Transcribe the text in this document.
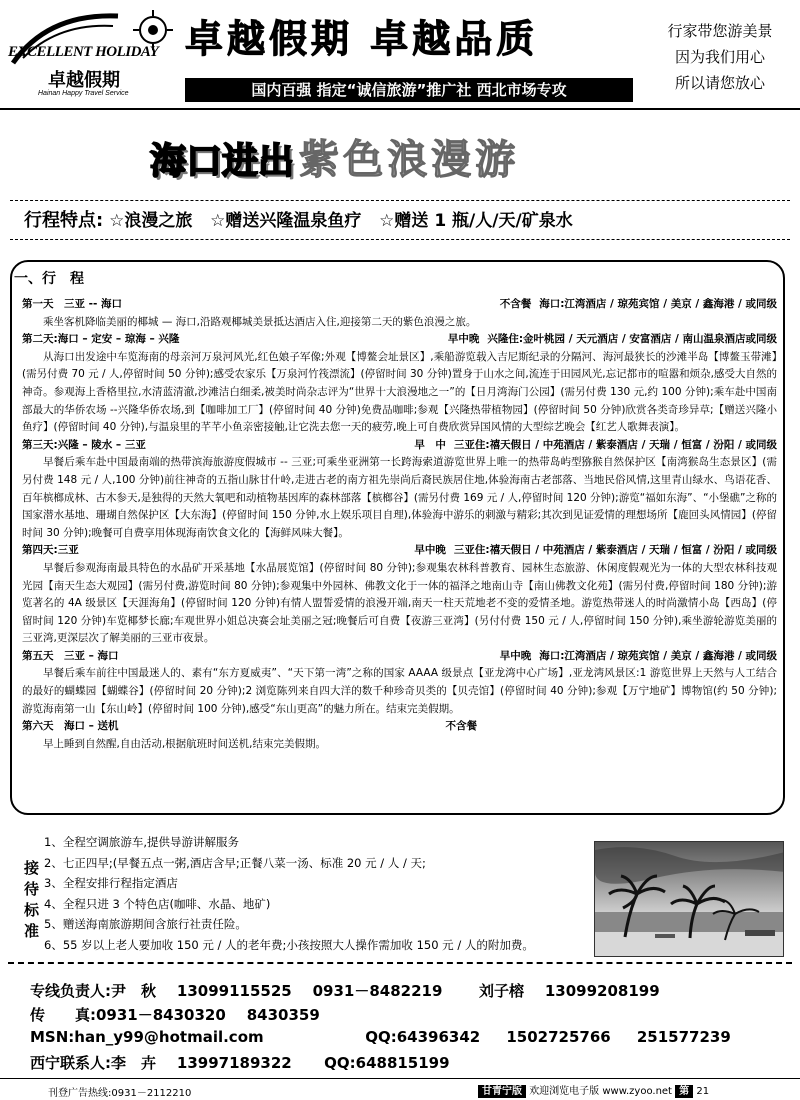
EXCELLENT HOLIDAY
卓越假期
Hainan Happy Travel Service
卓越假期 卓越品质
国内百强 指定“诚信旅游”推广社 西北市场专攻
行家带您游美景
因为我们用心
所以请您放心
海口进出 紫色浪漫游
行程特点: ☆浪漫之旅 ☆赠送兴隆温泉鱼疗 ☆赠送 1 瓶/人/天/矿泉水
一、行　程
第一天　三亚 -- 海口	不含餐 海口:江湾酒店 / 琼苑宾馆 / 美京 / 鑫海港 / 或同级
乘坐客机降临美丽的椰城 — 海口,沿路观椰城美景抵达酒店入住,迎接第二天的紫色浪漫之旅。
第二天:海口 – 定安 – 琼海 – 兴隆	早中晚 兴隆住:金叶桃园 / 天元酒店 / 安富酒店 / 南山温泉酒店或同级
从海口出发途中车览海南的母亲河万泉河风光,红色娘子军像;外观【博鳌会址景区】,乘船游览载入吉尼斯纪录的分隔河、海河最狭长的沙滩半岛【博鳌玉带滩】(需另付费 70 元 / 人,停留时间 50 分钟);感受农家乐【万泉河竹筏漂流】(停留时间 30 分钟)置身于山水之间,流连于田园风光,忘记都市的喧嚣和烦杂,感受大自然的神奇。参观海上香格里拉,水清蓝清澈,沙滩洁白细柔,被美时尚杂志评为“世界十大浪漫地之一”的【日月湾海门公园】(需另付费 130 元,约 100 分钟);乘车赴中国南部最大的华侨农场 --兴隆华侨农场,到【咖啡加工厂】(停留时间 40 分钟)免费品咖啡;参观【兴隆热带植物园】(停留时间 50 分钟)欣赏各类奇珍异草;【赠送兴隆小鱼疗】(停留时间 40 分钟),与温泉里的芊芊小鱼亲密接触,让它洗去您一天的疲劳,晚上可自费欣赏异国风情的大型综艺晚会【红艺人歌舞表演】。
第三天:兴隆 – 陵水 – 三亚	早　中 三亚住:禧天假日 / 中苑酒店 / 紫泰酒店 / 天瑞 / 恒富 / 汾阳 / 或同级
早餐后乘车赴中国最南端的热带滨海旅游度假城市 -- 三亚;可乘坐亚洲第一长跨海索道游览世界上唯一的热带岛屿型猕猴自然保护区【南湾猴岛生态景区】(需另付费 148 元 / 人,100 分钟)前往神奇的五指山脉甘什岭,走进古老的南方祖先崇尚后裔民族居住地,体验海南古老部落、当地民俗风情,这里青山绿水、鸟语花香、百年槟榔成林、古木参天,是独得的天然大氧吧和动植物基因库的森林部落【槟榔谷】(需另付费 169 元 / 人,停留时间 120 分钟);游览“福如东海”、“小堡礁”之称的国家潜水基地、珊瑚自然保护区【大东海】(停留时间 150 分钟,水上娱乐项目自理),体验海中游乐的刺激与精彩;其次到见证爱情的理想场所【鹿回头风情园】(停留时间 30 分钟);晚餐可自费享用体现海南饮食文化的【海鲜风味大餐】。
第四天:三亚	早中晚 三亚住:禧天假日 / 中苑酒店 / 紫泰酒店 / 天瑞 / 恒富 / 汾阳 / 或同级
早餐后参观海南最具特色的水晶矿开采基地【水晶展览馆】(停留时间 80 分钟);参观集农林科普教育、园林生态旅游、休闲度假观光为一体的大型农林科技观光园【南天生态大观园】(需另付费,游览时间 80 分钟);参观集中外园林、佛教文化于一体的福泽之地南山寺【南山佛教文化苑】(需另付费,停留时间 180 分钟);游览著名的 4A 级景区【天涯海角】(停留时间 120 分钟)有情人盟誓爱情的浪漫开端,南天一柱天荒地老不变的爱情圣地。游览热带迷人的时尚激情小岛【西岛】(停留时间 120 分钟)车览椰梦长廊;车观世界小姐总决赛会址美丽之冠;晚餐后可自费【夜游三亚湾】(另付付费 150 元 / 人,停留时间 150 分钟),乘坐游轮游览美丽的三亚湾,更深层次了解美丽的三亚市夜景。
第五天　三亚 – 海口	早中晚 海口:江湾酒店 / 琼苑宾馆 / 美京 / 鑫海港 / 或同级
早餐后乘车前往中国最迷人的、素有“东方夏威夷”、“天下第一湾”之称的国家 AAAA 级景点【亚龙湾中心广场】,亚龙湾风景区:1 游览世界上天然与人工结合的最好的蝴蝶园【蝴蝶谷】(停留时间 20 分钟);2 浏览陈列来自四大洋的数千种珍奇贝类的【贝壳馆】(停留时间 40 分钟);参观【万宁地矿】博物馆(约 50 分钟);游览海南第一山【东山岭】(停留时间 100 分钟),感受“东山更高”的魅力所在。结束完美假期。
第六天　海口 – 送机	不含餐
早上睡到自然醒,自由活动,根据航班时间送机,结束完美假期。
接待标准
1、全程空调旅游车,提供导游讲解服务
2、七正四早;(早餐五点一粥,酒店含早;正餐八菜一汤、标准 20 元 / 人 / 天;
3、全程安排行程指定酒店
4、全程只进 3 个特色店(咖啡、水晶、地矿)
5、赠送海南旅游期间含旅行社责任险。
6、55 岁以上老人要加收 150 元 / 人的老年费;小孩按照大人操作需加收 150 元 / 人的附加费。
专线负责人:尹　秋 13099115525 0931－8482219 刘子榕 13099208199
传　　真:0931－8430320 8430359
MSN:han_y99@hotmail.com	QQ:64396342 1502725766 251577239
西宁联系人:李　卉 13997189322 QQ:648815199
刊登广告热线:0931－2112210	甘青宁版 欢迎浏览电子版 www.zyoo.net 第 21
